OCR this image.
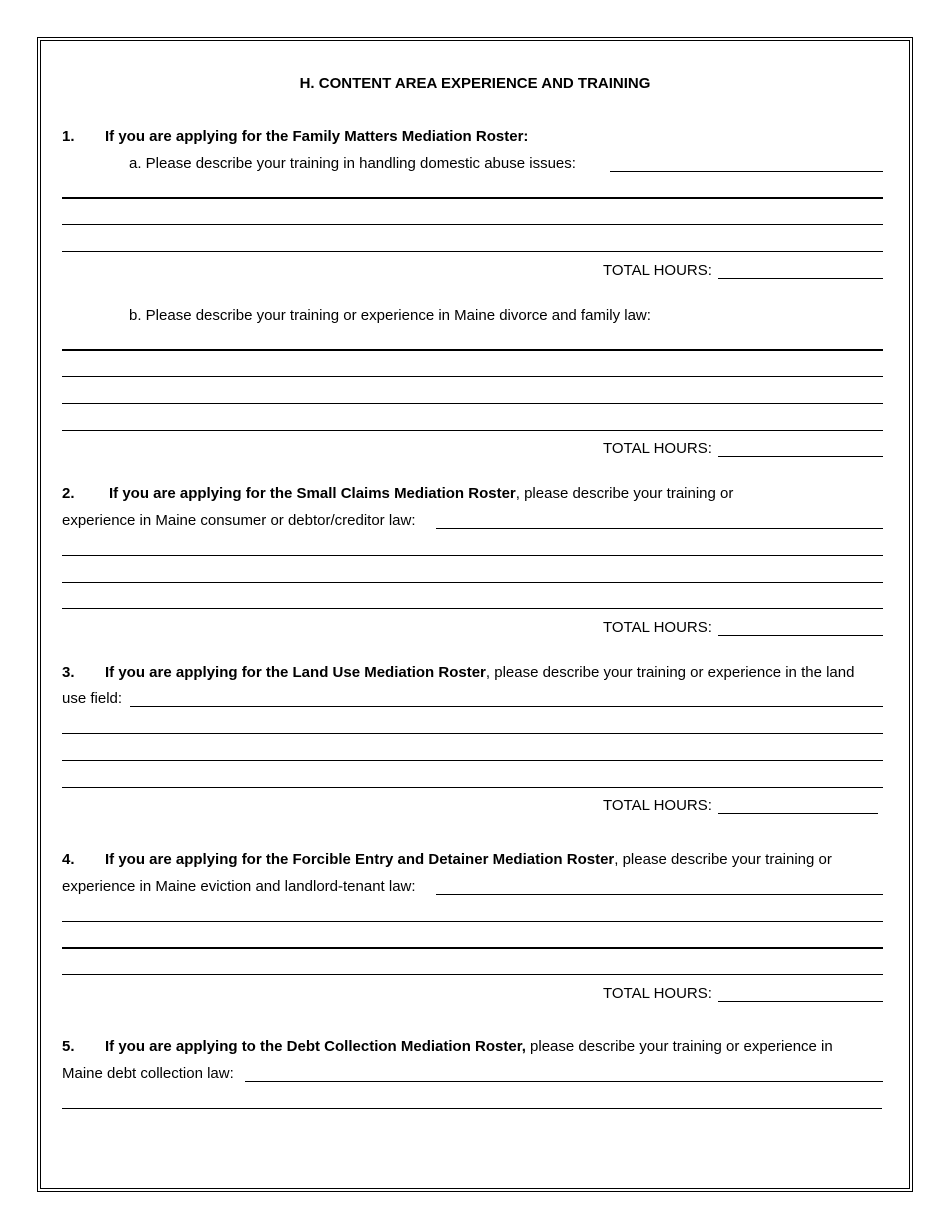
H. CONTENT AREA EXPERIENCE AND TRAINING
1. If you are applying for the Family Matters Mediation Roster:
a. Please describe your training in handling domestic abuse issues:
TOTAL HOURS:
b. Please describe your training or experience in Maine divorce and family law:
TOTAL HOURS:
2. If you are applying for the Small Claims Mediation Roster, please describe your training or
experience in Maine consumer or debtor/creditor law:
TOTAL HOURS:
3. If you are applying for the Land Use Mediation Roster, please describe your training or experience in the land
use field:
TOTAL HOURS:
4. If you are applying for the Forcible Entry and Detainer Mediation Roster, please describe your training or
experience in Maine eviction and landlord-tenant law:
TOTAL HOURS:
5. If you are applying to the Debt Collection Mediation Roster, please describe your training or experience in
Maine debt collection law:
